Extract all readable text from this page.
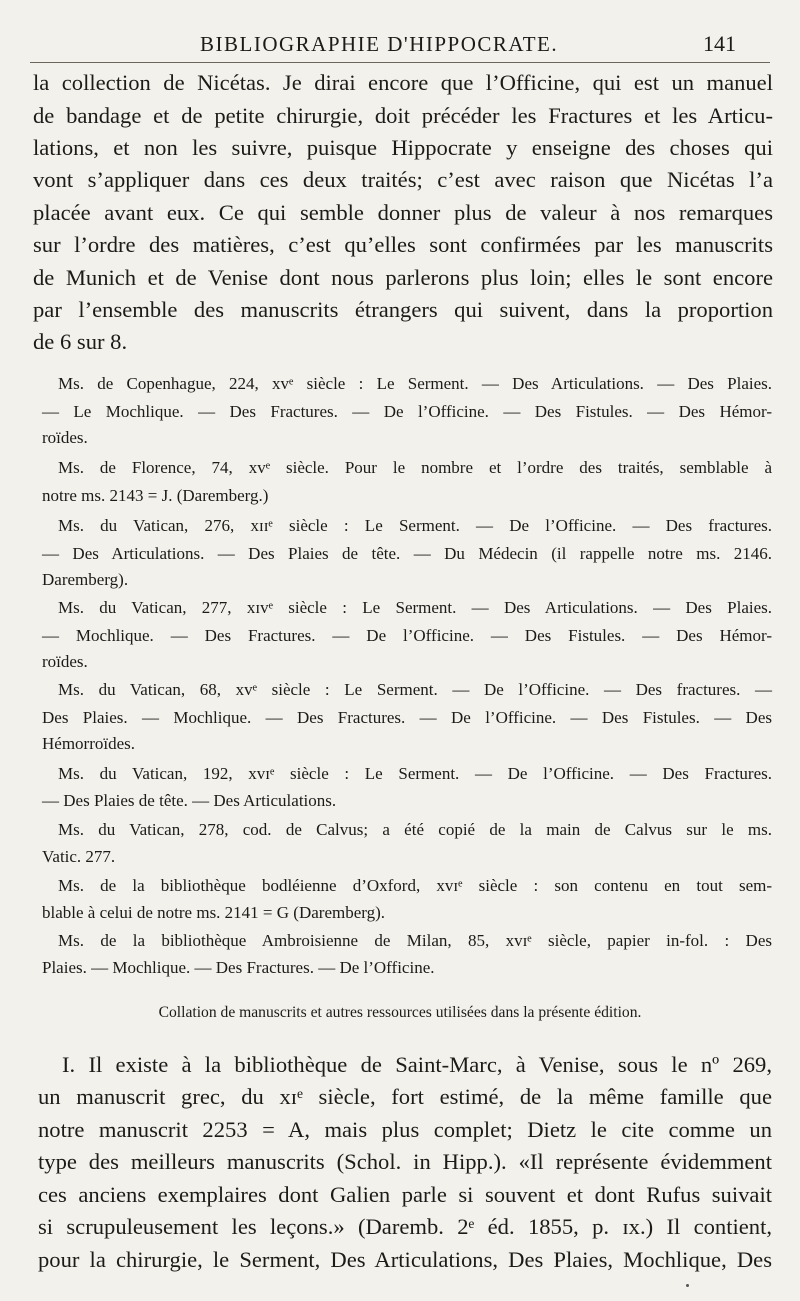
BIBLIOGRAPHIE D'HIPPOCRATE.	141
la collection de Nicétas. Je dirai encore que l’Officine, qui est un manuel
de bandage et de petite chirurgie, doit précéder les Fractures et les Articu-
lations, et non les suivre, puisque Hippocrate y enseigne des choses qui
vont s’appliquer dans ces deux traités; c’est avec raison que Nicétas l’a
placée avant eux. Ce qui semble donner plus de valeur à nos remarques
sur l’ordre des matières, c’est qu’elles sont confirmées par les manuscrits
de Munich et de Venise dont nous parlerons plus loin; elles le sont encore
par l’ensemble des manuscrits étrangers qui suivent, dans la proportion
de 6 sur 8.
Ms. de Copenhague, 224, xvᵉ siècle : Le Serment. — Des Articulations. — Des Plaies.
— Le Mochlique. — Des Fractures. — De l’Officine. — Des Fistules. — Des Hémor-
roïdes.
Ms. de Florence, 74, xvᵉ siècle. Pour le nombre et l’ordre des traités, semblable à
notre ms. 2143 = J. (Daremberg.)
Ms. du Vatican, 276, xɪɪᵉ siècle : Le Serment. — De l’Officine. — Des fractures.
— Des Articulations. — Des Plaies de tête. — Du Médecin (il rappelle notre ms. 2146.
Daremberg).
Ms. du Vatican, 277, xɪᴠᵉ siècle : Le Serment. — Des Articulations. — Des Plaies.
— Mochlique. — Des Fractures. — De l’Officine. — Des Fistules. — Des Hémor-
roïdes.
Ms. du Vatican, 68, xvᵉ siècle : Le Serment. — De l’Officine. — Des fractures. —
Des Plaies. — Mochlique. — Des Fractures. — De l’Officine. — Des Fistules. — Des
Hémorroïdes.
Ms. du Vatican, 192, xvɪᵉ siècle : Le Serment. — De l’Officine. — Des Fractures.
— Des Plaies de tête. — Des Articulations.
Ms. du Vatican, 278, cod. de Calvus; a été copié de la main de Calvus sur le ms.
Vatic. 277.
Ms. de la bibliothèque bodléienne d’Oxford, xvɪᵉ siècle : son contenu en tout sem-
blable à celui de notre ms. 2141 = G (Daremberg).
Ms. de la bibliothèque Ambroisienne de Milan, 85, xvɪᵉ siècle, papier in-fol. : Des
Plaies. — Mochlique. — Des Fractures. — De l’Officine.
Collation de manuscrits et autres ressources utilisées dans la présente édition.
I. Il existe à la bibliothèque de Saint-Marc, à Venise, sous le nº 269,
un manuscrit grec, du xɪᵉ siècle, fort estimé, de la même famille que
notre manuscrit 2253 = A, mais plus complet; Dietz le cite comme un
type des meilleurs manuscrits (Schol. in Hipp.). «Il représente évidemment
ces anciens exemplaires dont Galien parle si souvent et dont Rufus suivait
si scrupuleusement les leçons.» (Daremb. 2ᵉ éd. 1855, p. ɪx.) Il contient,
pour la chirurgie, le Serment, Des Articulations, Des Plaies, Mochlique, Des
